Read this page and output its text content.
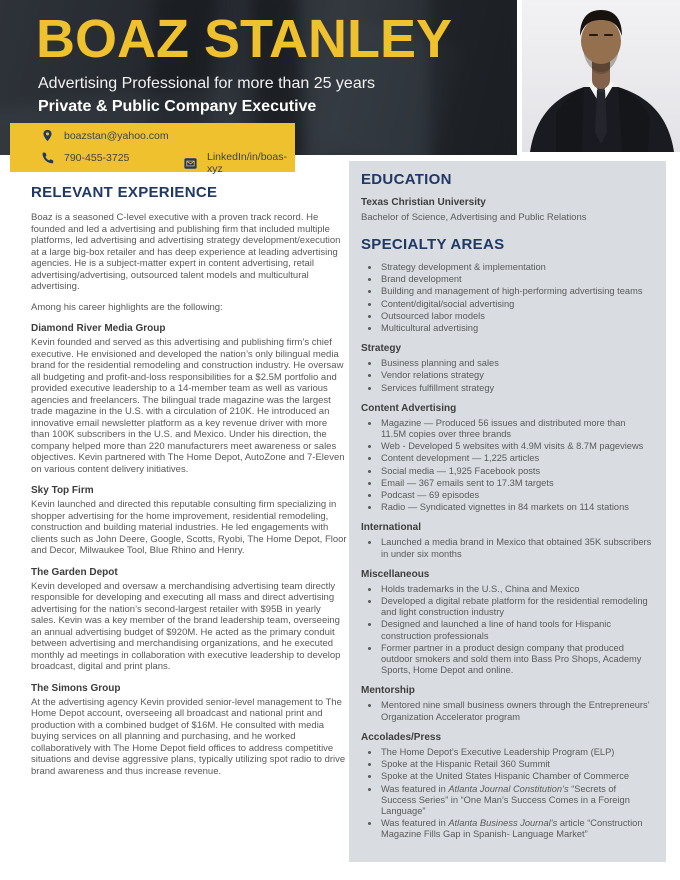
BOAZ STANLEY
Advertising Professional for more than 25 years
Private & Public Company Executive
boazstan@yahoo.com
790-455-3725	LinkedIn/in/boas-xyz
RELEVANT EXPERIENCE

Boaz is a seasoned C-level executive with a proven track record. He founded and led a advertising and publishing firm that included multiple platforms, led advertising and advertising strategy development/execution at a large big-box retailer and has deep experience at leading advertising agencies. He is a subject-matter expert in content advertising, retail advertising/advertising, outsourced talent models and multicultural advertising.

Among his career highlights are the following:

Diamond River Media Group

Kevin founded and served as this advertising and publishing firm’s chief executive. He envisioned and developed the nation’s only bilingual media brand for the residential remodeling and construction industry. He oversaw all budgeting and profit-and-loss responsibilities for a $2.5M portfolio and provided executive leadership to a 14-member team as well as various agencies and freelancers. The bilingual trade magazine was the largest trade magazine in the U.S. with a circulation of 210K. He introduced an innovative email newsletter platform as a key revenue driver with more than 100K subscribers in the U.S. and Mexico. Under his direction, the company helped more than 220 manufacturers meet awareness or sales objectives. Kevin partnered with The Home Depot, AutoZone and 7-Eleven on various content delivery initiatives.

Sky Top Firm

Kevin launched and directed this reputable consulting firm specializing in shopper advertising for the home improvement, residential remodeling, construction and building material industries. He led engagements with clients such as John Deere, Google, Scotts, Ryobi, The Home Depot, Floor and Decor, Milwaukee Tool, Blue Rhino and Henry.

The Garden Depot

Kevin developed and oversaw a merchandising advertising team directly responsible for developing and executing all mass and direct advertising advertising for the nation’s second-largest retailer with $95B in yearly sales. Kevin was a key member of the brand leadership team, overseeing an annual advertising budget of $920M. He acted as the primary conduit between advertising and merchandising organizations, and he executed monthly ad meetings in collaboration with executive leadership to develop broadcast, digital and print plans.

The Simons Group

At the advertising agency Kevin provided senior-level management to The Home Depot account, overseeing all broadcast and national print and production with a combined budget of $16M. He consulted with media buying services on all planning and purchasing, and he worked collaboratively with The Home Depot field offices to address competitive situations and devise aggressive plans, typically utilizing spot radio to drive brand awareness and thus increase revenue.

EDUCATION
Texas Christian University
Bachelor of Science, Advertising and Public Relations
SPECIALTY AREAS
Strategy development & implementation
Brand development
Building and management of high-performing advertising teams
Content/digital/social advertising
Outsourced labor models
Multicultural advertising
Strategy
Business planning and sales
Vendor relations strategy
Services fulfillment strategy
Content Advertising
Magazine — Produced 56 issues and distributed more than 11.5M copies over three brands
Web - Developed 5 websites with 4.9M visits & 8.7M pageviews
Content development — 1,225 articles
Social media — 1,925 Facebook posts
Email — 367 emails sent to 17.3M targets
Podcast — 69 episodes
Radio — Syndicated vignettes in 84 markets on 114 stations
International
Launched a media brand in Mexico that obtained 35K subscribers in under six months
Miscellaneous
Holds trademarks in the U.S., China and Mexico
Developed a digital rebate platform for the residential remodeling and light construction industry
Designed and launched a line of hand tools for Hispanic construction professionals
Former partner in a product design company that produced outdoor smokers and sold them into Bass Pro Shops, Academy Sports, Home Depot and online.
Mentorship
Mentored nine small business owners through the Entrepreneurs’ Organization Accelerator program
Accolades/Press
The Home Depot’s Executive Leadership Program (ELP)
Spoke at the Hispanic Retail 360 Summit
Spoke at the United States Hispanic Chamber of Commerce
Was featured in Atlanta Journal Constitution’s “Secrets of Success Series” in “One Man’s Success Comes in a Foreign Language”
Was featured in Atlanta Business Journal’s article “Construction Magazine Fills Gap in Spanish- Language Market”
